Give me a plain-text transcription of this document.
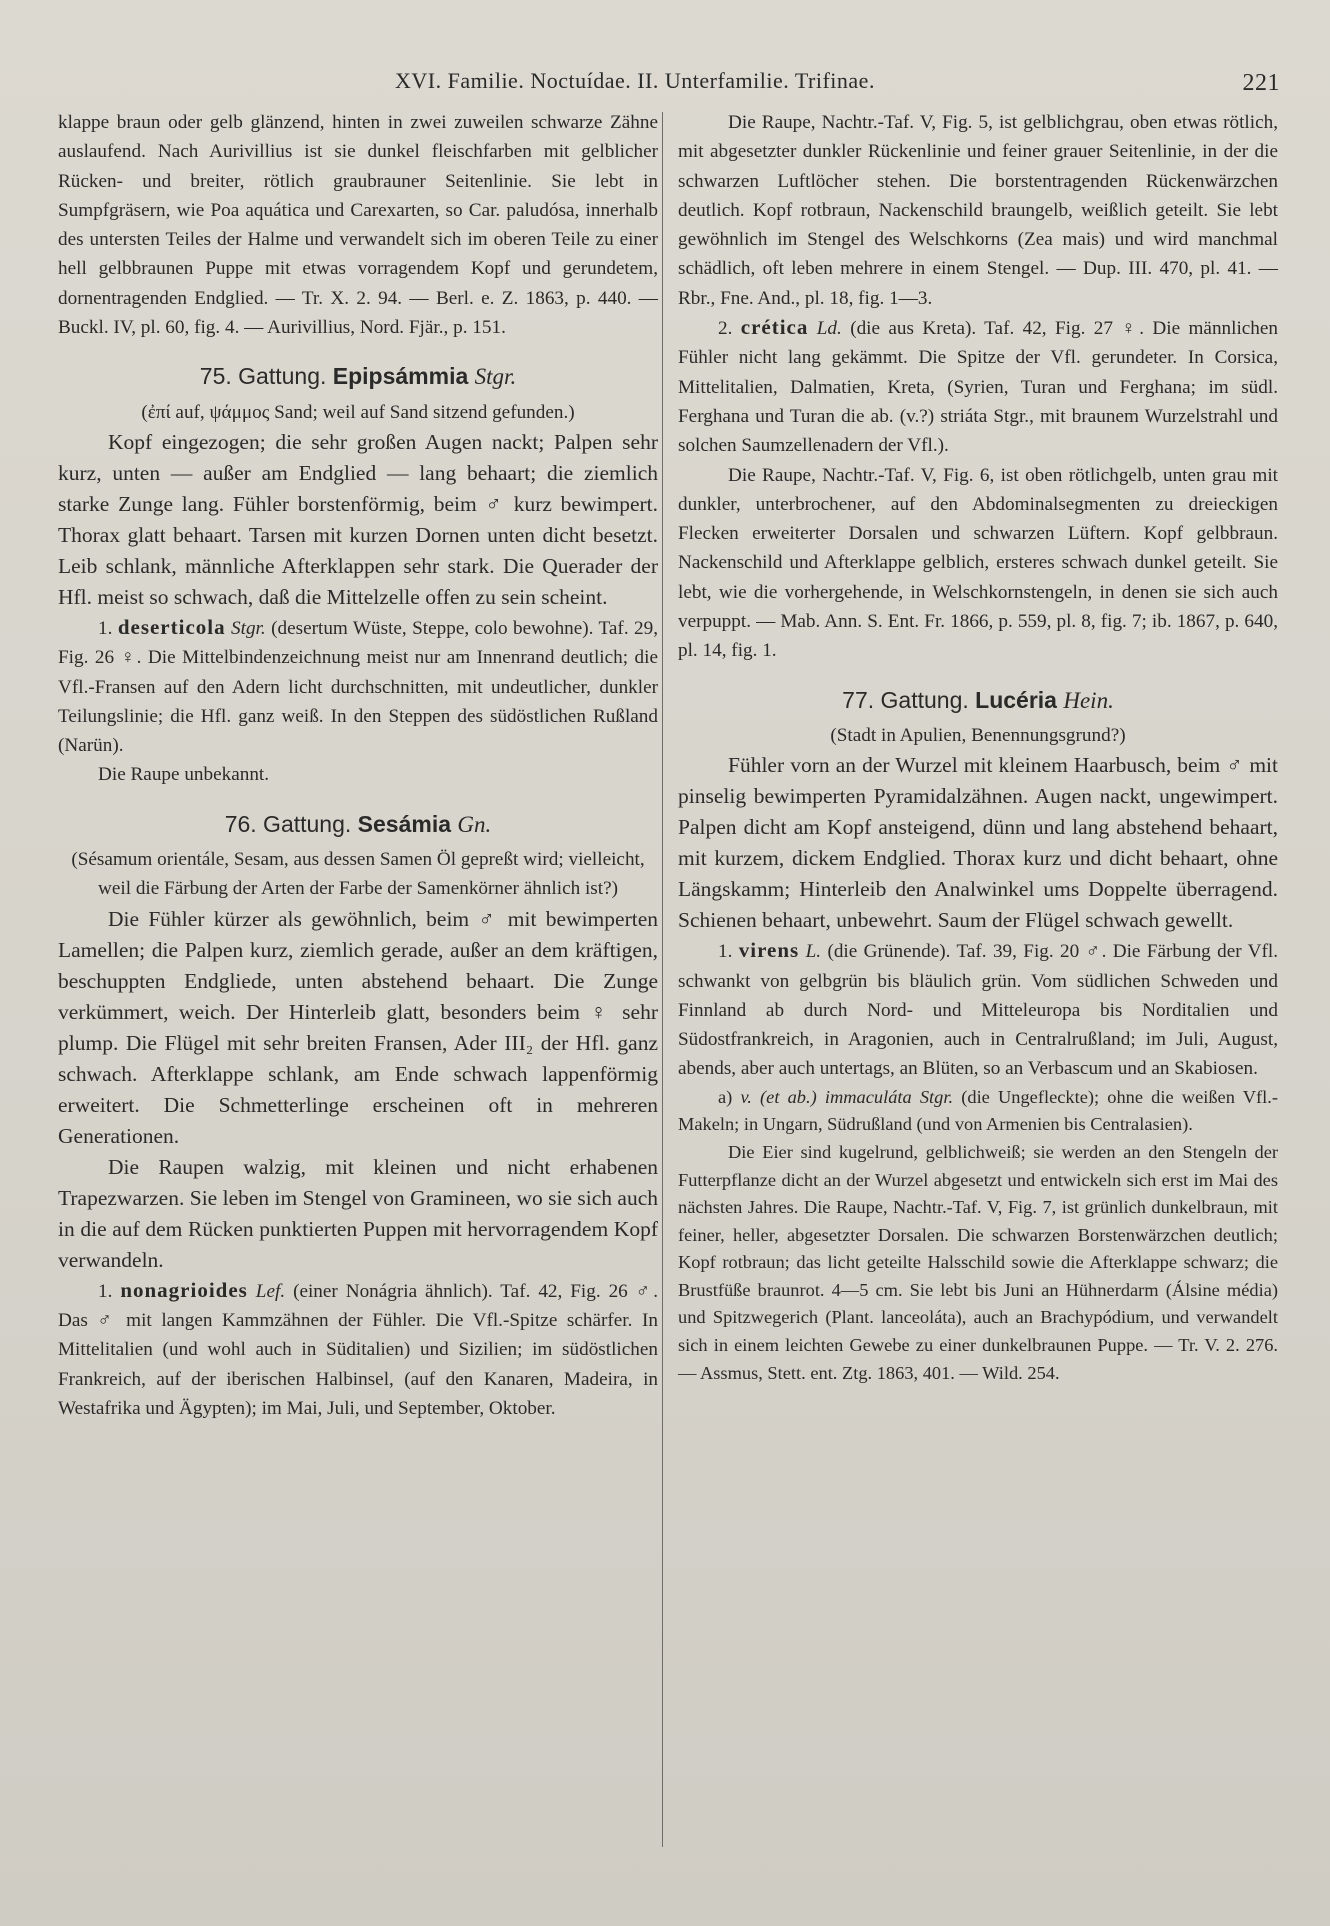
XVI. Familie. Noctuídae. II. Unterfamilie. Trifinae.	221

klappe braun oder gelb glänzend, hinten in zwei zuweilen schwarze Zähne auslaufend. Nach Aurivillius ist sie dunkel fleischfarben mit gelblicher Rücken- und breiter, rötlich graubrauner Seitenlinie. Sie lebt in Sumpfgräsern, wie Poa aquática und Carexarten, so Car. paludósa, innerhalb des untersten Teiles der Halme und verwandelt sich im oberen Teile zu einer hell gelbbraunen Puppe mit etwas vorragendem Kopf und gerundetem, dornentragenden Endglied. — Tr. X. 2. 94. — Berl. e. Z. 1863, p. 440. — Buckl. IV, pl. 60, fig. 4. — Aurivillius, Nord. Fjär., p. 151.

75. Gattung. Epipsámmia Stgr.

(ἐπί auf, ψάμμος Sand; weil auf Sand sitzend gefunden.)

Kopf eingezogen; die sehr großen Augen nackt; Palpen sehr kurz, unten — außer am Endglied — lang behaart; die ziemlich starke Zunge lang. Fühler borstenförmig, beim ♂ kurz bewimpert. Thorax glatt behaart. Tarsen mit kurzen Dornen unten dicht besetzt. Leib schlank, männliche Afterklappen sehr stark. Die Querader der Hfl. meist so schwach, daß die Mittelzelle offen zu sein scheint.

1. deserticola Stgr. (desertum Wüste, Steppe, colo bewohne). Taf. 29, Fig. 26 ♀. Die Mittelbindenzeichnung meist nur am Innenrand deutlich; die Vfl.-Fransen auf den Adern licht durchschnitten, mit undeutlicher, dunkler Teilungslinie; die Hfl. ganz weiß. In den Steppen des südöstlichen Rußland (Narün).

Die Raupe unbekannt.

76. Gattung. Sesámia Gn.

(Sésamum orientále, Sesam, aus dessen Samen Öl gepreßt wird; vielleicht, weil die Färbung der Arten der Farbe der Samenkörner ähnlich ist?)

Die Fühler kürzer als gewöhnlich, beim ♂ mit bewimperten Lamellen; die Palpen kurz, ziemlich gerade, außer an dem kräftigen, beschuppten Endgliede, unten abstehend behaart. Die Zunge verkümmert, weich. Der Hinterleib glatt, besonders beim ♀ sehr plump. Die Flügel mit sehr breiten Fransen, Ader III₂ der Hfl. ganz schwach. Afterklappe schlank, am Ende schwach lappenförmig erweitert. Die Schmetterlinge erscheinen oft in mehreren Generationen.

Die Raupen walzig, mit kleinen und nicht erhabenen Trapezwarzen. Sie leben im Stengel von Gramineen, wo sie sich auch in die auf dem Rücken punktierten Puppen mit hervorragendem Kopf verwandeln.

1. nonagrioides Lef. (einer Nonágria ähnlich). Taf. 42, Fig. 26 ♂. Das ♂ mit langen Kammzähnen der Fühler. Die Vfl.-Spitze schärfer. In Mittelitalien (und wohl auch in Süditalien) und Sizilien; im südöstlichen Frankreich, auf der iberischen Halbinsel, (auf den Kanaren, Madeira, in Westafrika und Ägypten); im Mai, Juli, und September, Oktober.

Die Raupe, Nachtr.-Taf. V, Fig. 5, ist gelblichgrau, oben etwas rötlich, mit abgesetzter dunkler Rückenlinie und feiner grauer Seitenlinie, in der die schwarzen Luftlöcher stehen. Die borstentragenden Rückenwärzchen deutlich. Kopf rotbraun, Nackenschild braungelb, weißlich geteilt. Sie lebt gewöhnlich im Stengel des Welschkorns (Zea mais) und wird manchmal schädlich, oft leben mehrere in einem Stengel. — Dup. III. 470, pl. 41. — Rbr., Fne. And., pl. 18, fig. 1—3.

2. crética Ld. (die aus Kreta). Taf. 42, Fig. 27 ♀. Die männlichen Fühler nicht lang gekämmt. Die Spitze der Vfl. gerundeter. In Corsica, Mittelitalien, Dalmatien, Kreta, (Syrien, Turan und Ferghana; im südl. Ferghana und Turan die ab. (v.?) striáta Stgr., mit braunem Wurzelstrahl und solchen Saumzellenadern der Vfl.).

Die Raupe, Nachtr.-Taf. V, Fig. 6, ist oben rötlichgelb, unten grau mit dunkler, unterbrochener, auf den Abdominalsegmenten zu dreieckigen Flecken erweiterter Dorsalen und schwarzen Lüftern. Kopf gelbbraun. Nackenschild und Afterklappe gelblich, ersteres schwach dunkel geteilt. Sie lebt, wie die vorhergehende, in Welschkornstengeln, in denen sie sich auch verpuppt. — Mab. Ann. S. Ent. Fr. 1866, p. 559, pl. 8, fig. 7; ib. 1867, p. 640, pl. 14, fig. 1.

77. Gattung. Lucéria Hein.

(Stadt in Apulien, Benennungsgrund?)

Fühler vorn an der Wurzel mit kleinem Haarbusch, beim ♂ mit pinselig bewimperten Pyramidalzähnen. Augen nackt, ungewimpert. Palpen dicht am Kopf ansteigend, dünn und lang abstehend behaart, mit kurzem, dickem Endglied. Thorax kurz und dicht behaart, ohne Längskamm; Hinterleib den Analwinkel ums Doppelte überragend. Schienen behaart, unbewehrt. Saum der Flügel schwach gewellt.

1. virens L. (die Grünende). Taf. 39, Fig. 20 ♂. Die Färbung der Vfl. schwankt von gelbgrün bis bläulich grün. Vom südlichen Schweden und Finnland ab durch Nord- und Mitteleuropa bis Norditalien und Südostfrankreich, in Aragonien, auch in Centralrußland; im Juli, August, abends, aber auch untertags, an Blüten, so an Verbascum und an Skabiosen.

a) v. (et ab.) immaculáta Stgr. (die Ungefleckte); ohne die weißen Vfl.-Makeln; in Ungarn, Südrußland (und von Armenien bis Centralasien).

Die Eier sind kugelrund, gelblichweiß; sie werden an den Stengeln der Futterpflanze dicht an der Wurzel abgesetzt und entwickeln sich erst im Mai des nächsten Jahres. Die Raupe, Nachtr.-Taf. V, Fig. 7, ist grünlich dunkelbraun, mit feiner, heller, abgesetzter Dorsalen. Die schwarzen Borstenwärzchen deutlich; Kopf rotbraun; das licht geteilte Halsschild sowie die Afterklappe schwarz; die Brustfüße braunrot. 4—5 cm. Sie lebt bis Juni an Hühnerdarm (Álsine média) und Spitzwegerich (Plant. lanceoláta), auch an Brachypódium, und verwandelt sich in einem leichten Gewebe zu einer dunkelbraunen Puppe. — Tr. V. 2. 276. — Assmus, Stett. ent. Ztg. 1863, 401. — Wild. 254.
